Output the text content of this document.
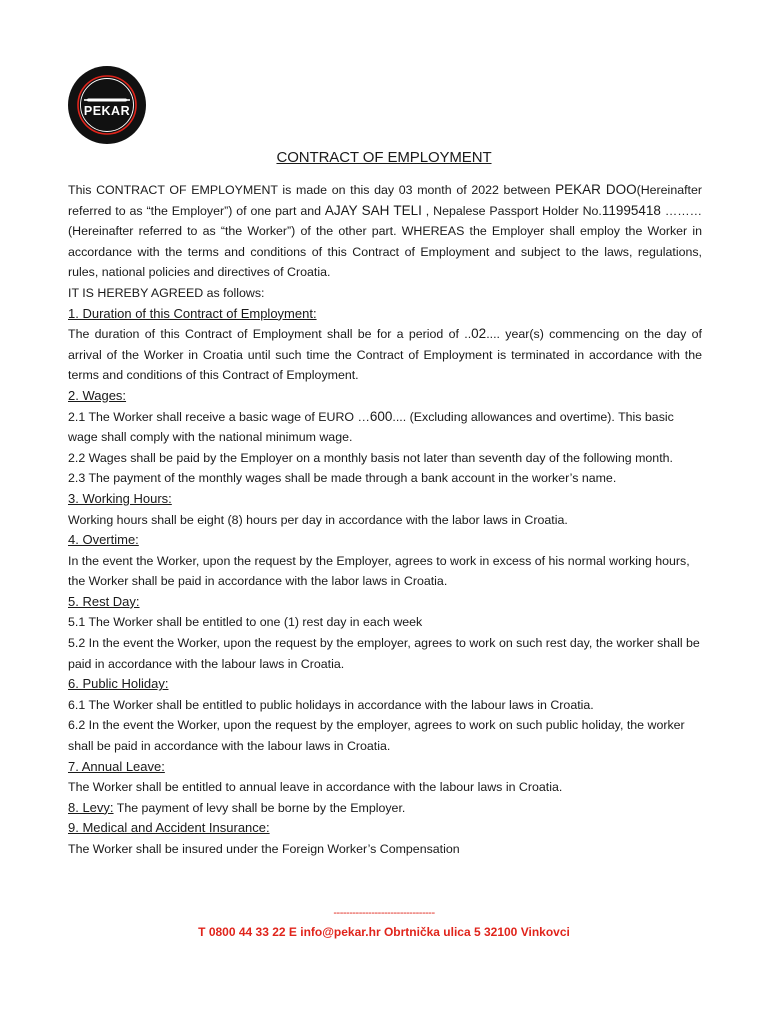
PEKAR
CONTRACT OF EMPLOYMENT

This CONTRACT OF EMPLOYMENT is made on this day 03 month of 2022 between PEKAR DOO(Hereinafter referred to as “the Employer”) of one part and AJAY SAH TELI , Nepalese Passport Holder No.11995418 ……… (Hereinafter referred to as “the Worker”) of the other part. WHEREAS the Employer shall employ the Worker in accordance with the terms and conditions of this Contract of Employment and subject to the laws, regulations, rules, national policies and directives of Croatia.

IT IS HEREBY AGREED as follows:

1. Duration of this Contract of Employment:

The duration of this Contract of Employment shall be for a period of ..02.... year(s) commencing on the day of arrival of the Worker in Croatia until such time the Contract of Employment is terminated in accordance with the terms and conditions of this Contract of Employment.

2. Wages:

2.1 The Worker shall receive a basic wage of EURO …600.... (Excluding allowances and overtime). This basic wage shall comply with the national minimum wage.

2.2 Wages shall be paid by the Employer on a monthly basis not later than seventh day of the following month.

2.3 The payment of the monthly wages shall be made through a bank account in the worker’s name.

3. Working Hours:

Working hours shall be eight (8) hours per day in accordance with the labor laws in Croatia.

4. Overtime:

In the event the Worker, upon the request by the Employer, agrees to work in excess of his normal working hours, the Worker shall be paid in accordance with the labor laws in Croatia.

5. Rest Day:

5.1 The Worker shall be entitled to one (1) rest day in each week

5.2 In the event the Worker, upon the request by the employer, agrees to work on such rest day, the worker shall be paid in accordance with the labour laws in Croatia.

6. Public Holiday:

6.1 The Worker shall be entitled to public holidays in accordance with the labour laws in Croatia.

6.2 In the event the Worker, upon the request by the employer, agrees to work on such public holiday, the worker shall be paid in accordance with the labour laws in Croatia.

7. Annual Leave:

The Worker shall be entitled to annual leave in accordance with the labour laws in Croatia.

8. Levy: The payment of levy shall be borne by the Employer.

9. Medical and Accident Insurance:

The Worker shall be insured under the Foreign Worker’s Compensation

--------------------------------
T 0800 44 33 22 E info@pekar.hr Obrtnička ulica 5 32100 Vinkovci
